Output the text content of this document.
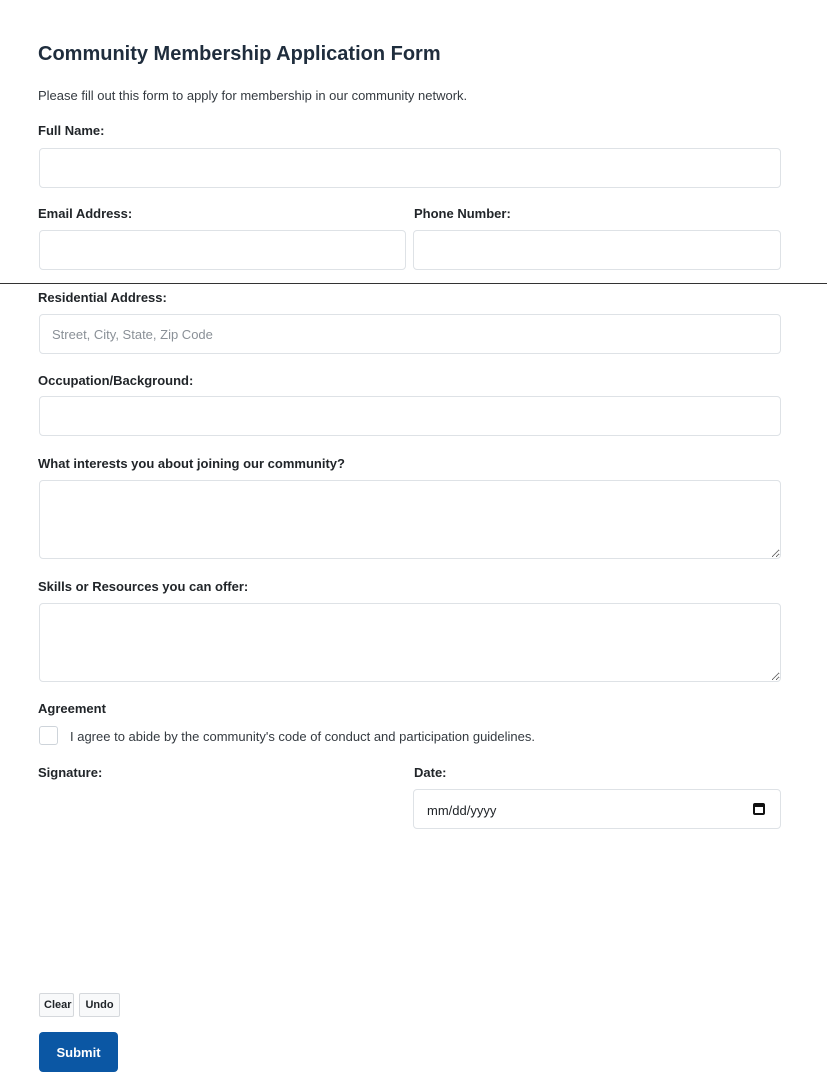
Community Membership Application Form
Please fill out this form to apply for membership in our community network.
Full Name:
Email Address:	Phone Number:
Residential Address:
Street, City, State, Zip Code
Occupation/Background:
What interests you about joining our community?
Skills or Resources you can offer:
Agreement
I agree to abide by the community's code of conduct and participation guidelines.
Signature:	Date:
mm/dd/yyyy
Clear	Undo
Submit
